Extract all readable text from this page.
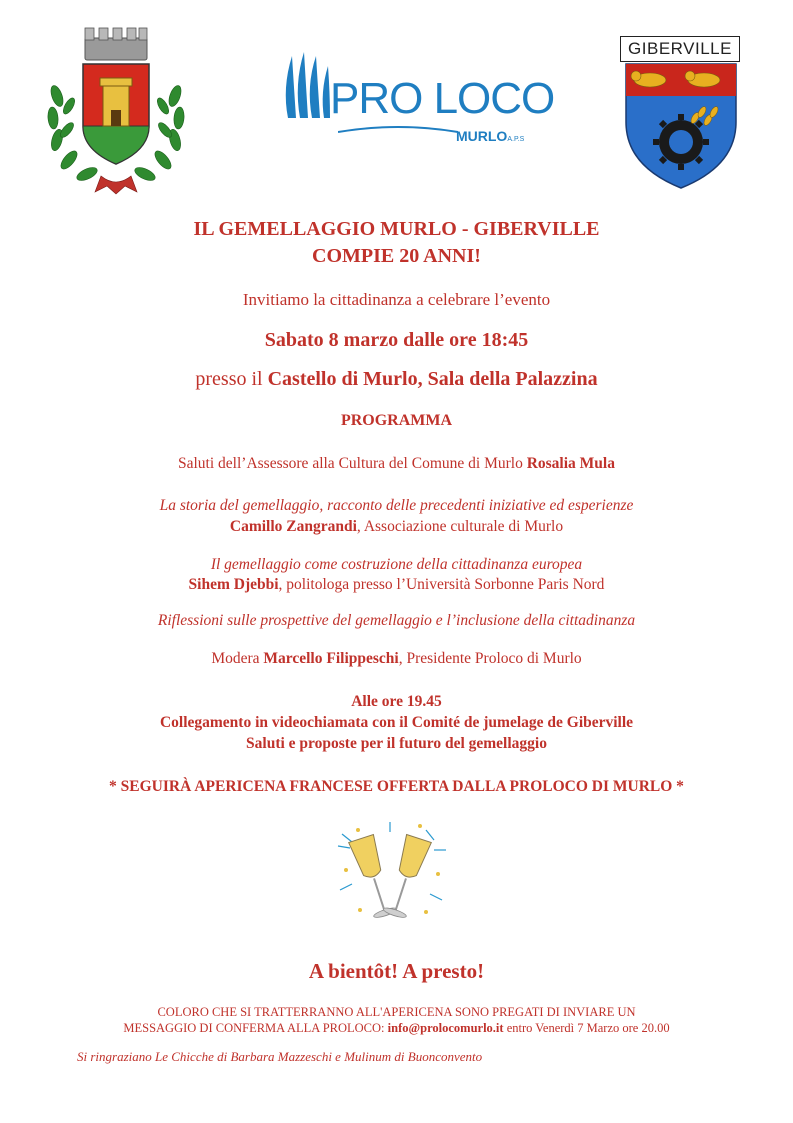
PRO LOCO
MURLOA.P.S
GIBERVILLE

IL GEMELLAGGIO MURLO - GIBERVILLE

COMPIE 20 ANNI!

Invitiamo la cittadinanza a celebrare l’evento

Sabato 8 marzo dalle ore 18:45

presso il Castello di Murlo, Sala della Palazzina

PROGRAMMA

Saluti dell’Assessore alla Cultura del Comune di Murlo Rosalia Mula

La storia del gemellaggio, racconto delle precedenti iniziative ed esperienze

Camillo Zangrandi, Associazione culturale di Murlo

Il gemellaggio come costruzione della cittadinanza europea

Sihem Djebbi, politologa presso l’Università Sorbonne Paris Nord

Riflessioni sulle prospettive del gemellaggio e l’inclusione della cittadinanza

Modera Marcello Filippeschi, Presidente Proloco di Murlo

Alle ore 19.45

Collegamento in videochiamata con il Comité de jumelage de Giberville

Saluti e proposte per il futuro del gemellaggio

* SEGUIRÀ APERICENA FRANCESE OFFERTA DALLA PROLOCO DI MURLO *

A bientôt! A presto!

COLORO CHE SI TRATTERRANNO ALL'APERICENA SONO PREGATI DI INVIARE UN

MESSAGGIO DI CONFERMA ALLA PROLOCO: info@prolocomurlo.it entro Venerdì 7 Marzo ore 20.00

Si ringraziano Le Chicche di Barbara Mazzeschi e Mulinum di Buonconvento
